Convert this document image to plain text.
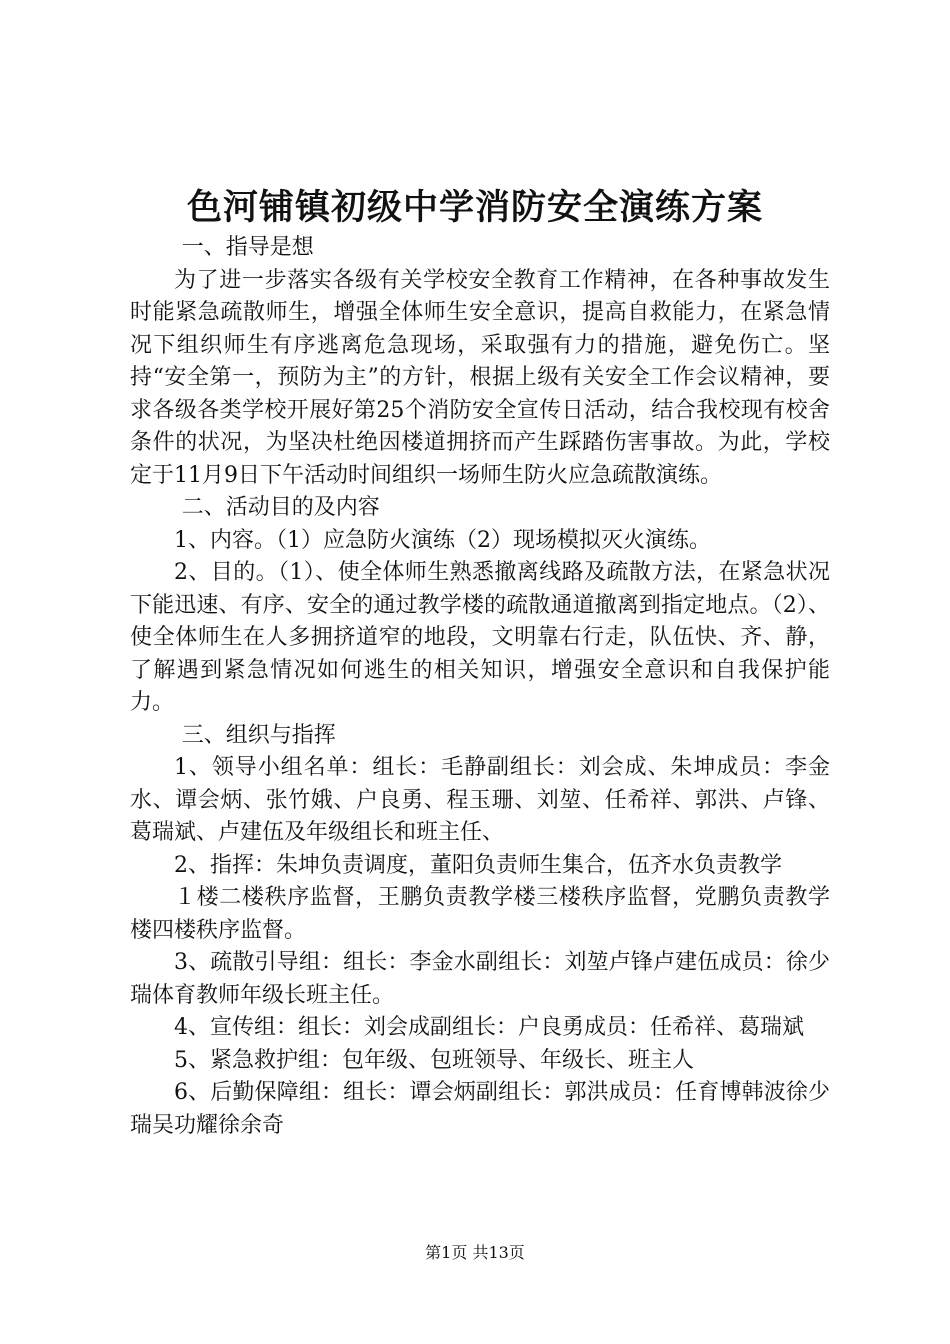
色河铺镇初级中学消防安全演练方案

一、指导是想

为了进一步落实各级有关学校安全教育工作精神，在各种事故发生时能紧急疏散师生，增强全体师生安全意识，提高自救能力，在紧急情况下组织师生有序逃离危急现场，采取强有力的措施，避免伤亡。坚持“安全第一，预防为主”的方针，根据上级有关安全工作会议精神，要求各级各类学校开展好第25个消防安全宣传日活动，结合我校现有校舍条件的状况，为坚决杜绝因楼道拥挤而产生踩踏伤害事故。为此，学校定于11月9日下午活动时间组织一场师生防火应急疏散演练。

二、活动目的及内容

1、内容。（1）应急防火演练（2）现场模拟灭火演练。

2、目的。（1）、使全体师生熟悉撤离线路及疏散方法，在紧急状况下能迅速、有序、安全的通过教学楼的疏散通道撤离到指定地点。（2）、使全体师生在人多拥挤道窄的地段，文明靠右行走，队伍快、齐、静，了解遇到紧急情况如何逃生的相关知识，增强安全意识和自我保护能力。

三、组织与指挥

1、领导小组名单：组长：毛静副组长：刘会成、朱坤成员：李金水、谭会炳、张竹娥、户良勇、程玉珊、刘堃、任希祥、郭洪、卢锋、葛瑞斌、卢建伍及年级组长和班主任、

2、指挥：朱坤负责调度，董阳负责师生集合，伍齐水负责教学

１楼二楼秩序监督，王鹏负责教学楼三楼秩序监督，党鹏负责教学楼四楼秩序监督。

3、疏散引导组：组长：李金水副组长：刘堃卢锋卢建伍成员：徐少瑞体育教师年级长班主任。

4、宣传组：组长：刘会成副组长：户良勇成员：任希祥、葛瑞斌

5、紧急救护组：包年级、包班领导、年级长、班主人

6、后勤保障组：组长：谭会炳副组长：郭洪成员：任育博韩波徐少瑞吴功耀徐余奇

第1页 共13页
